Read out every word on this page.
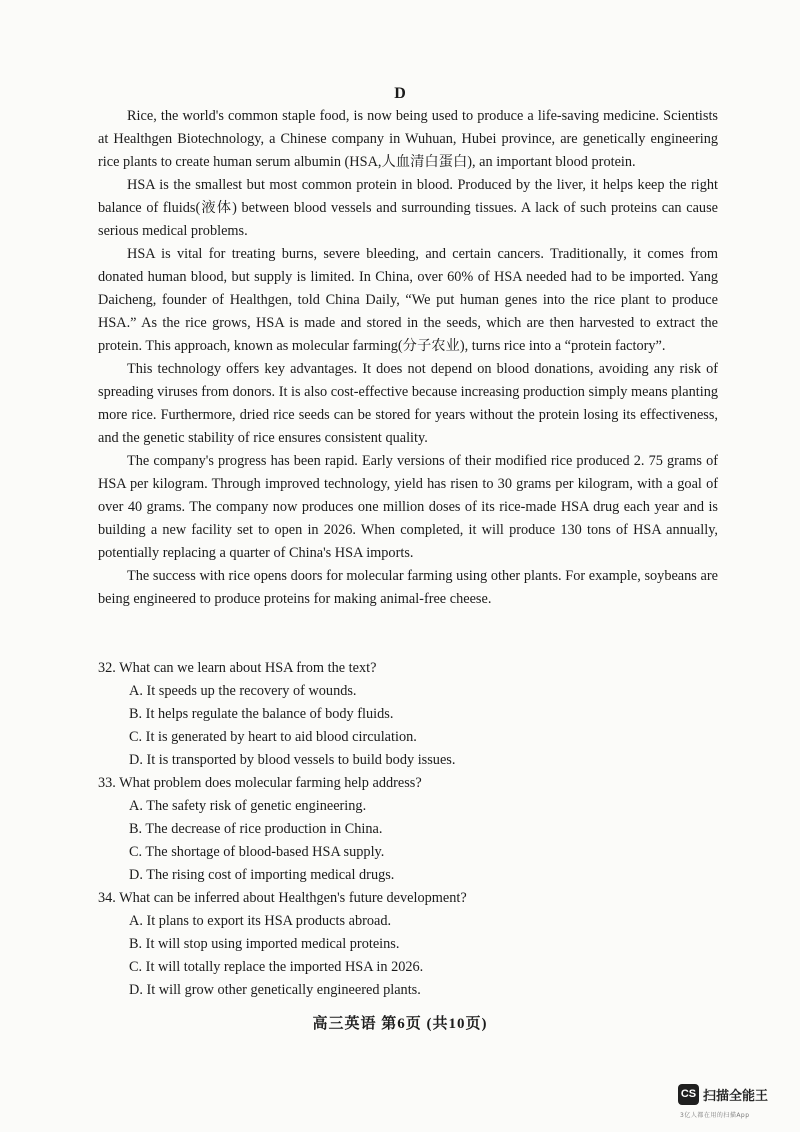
D

Rice, the world's common staple food, is now being used to produce a life-saving medicine. Scientists at Healthgen Biotechnology, a Chinese company in Wuhuan, Hubei province, are genetically engineering rice plants to create human serum albumin (HSA,人血清白蛋白), an important blood protein.

HSA is the smallest but most common protein in blood. Produced by the liver, it helps keep the right balance of fluids(液体) between blood vessels and surrounding tissues. A lack of such proteins can cause serious medical problems.

HSA is vital for treating burns, severe bleeding, and certain cancers. Traditionally, it comes from donated human blood, but supply is limited. In China, over 60% of HSA needed had to be imported. Yang Daicheng, founder of Healthgen, told China Daily, “We put human genes into the rice plant to produce HSA.” As the rice grows, HSA is made and stored in the seeds, which are then harvested to extract the protein. This approach, known as molecular farming(分子农业), turns rice into a “protein factory”.

This technology offers key advantages. It does not depend on blood donations, avoiding any risk of spreading viruses from donors. It is also cost-effective because increasing production simply means planting more rice. Furthermore, dried rice seeds can be stored for years without the protein losing its effectiveness, and the genetic stability of rice ensures consistent quality.

The company's progress has been rapid. Early versions of their modified rice produced 2. 75 grams of HSA per kilogram. Through improved technology, yield has risen to 30 grams per kilogram, with a goal of over 40 grams. The company now produces one million doses of its rice-made HSA drug each year and is building a new facility set to open in 2026. When completed, it will produce 130 tons of HSA annually, potentially replacing a quarter of China's HSA imports.

The success with rice opens doors for molecular farming using other plants. For example, soybeans are being engineered to produce proteins for making animal-free cheese.

32. What can we learn about HSA from the text?

A. It speeds up the recovery of wounds.

B. It helps regulate the balance of body fluids.

C. It is generated by heart to aid blood circulation.

D. It is transported by blood vessels to build body issues.

33. What problem does molecular farming help address?

A. The safety risk of genetic engineering.

B. The decrease of rice production in China.

C. The shortage of blood-based HSA supply.

D. The rising cost of importing medical drugs.

34. What can be inferred about Healthgen's future development?

A. It plans to export its HSA products abroad.

B. It will stop using imported medical proteins.

C. It will totally replace the imported HSA in 2026.

D. It will grow other genetically engineered plants.

高三英语 第6页 (共10页)
CS 扫描全能王
3亿人都在用的扫描App
